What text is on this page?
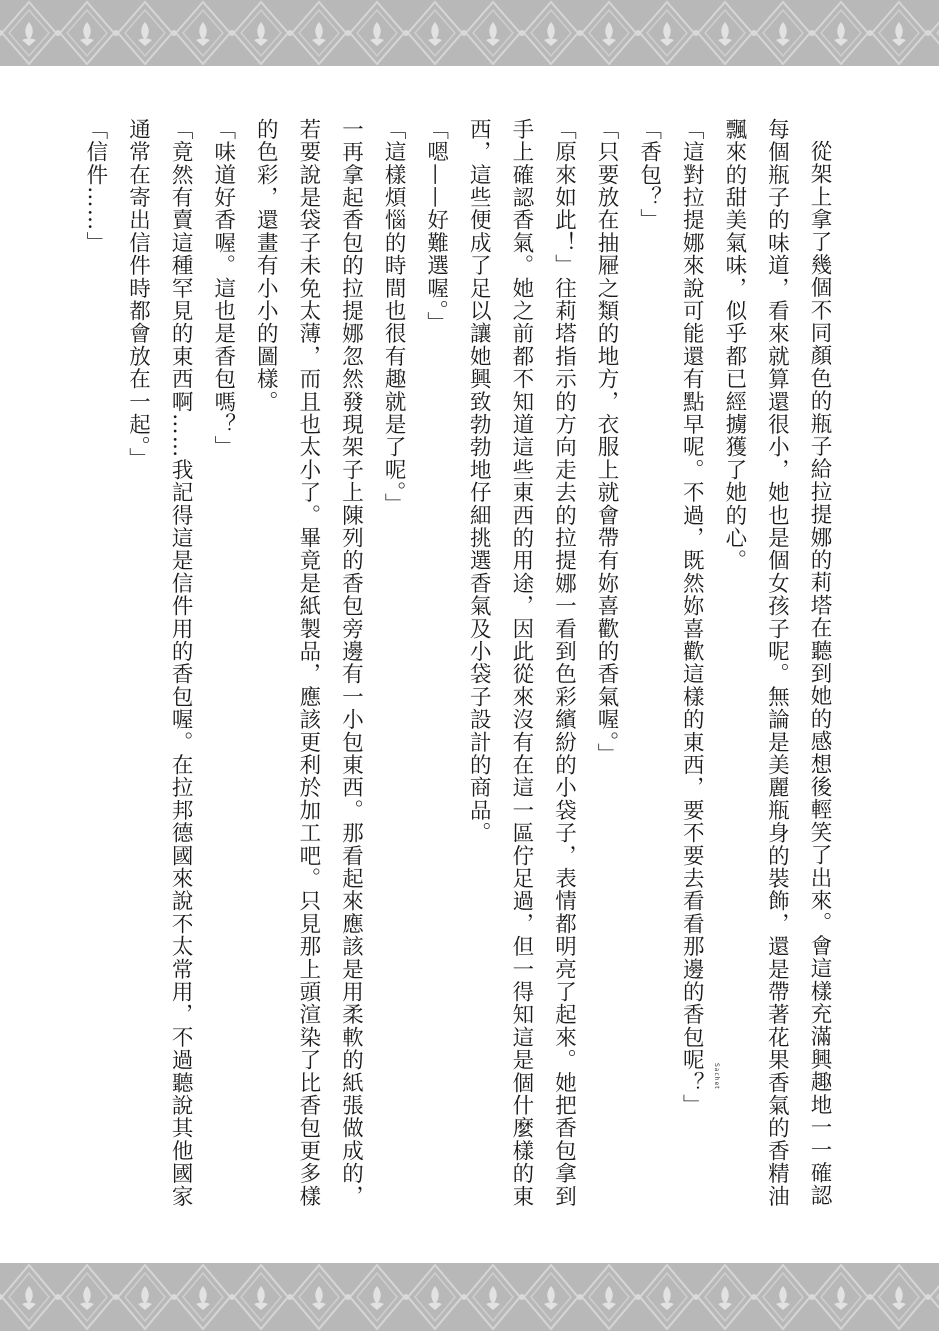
從架上拿了幾個不同顏色的瓶子給拉提娜的莉塔在聽到她的感想後輕笑了出來。會這樣充滿興趣地一一確認每個瓶子的味道，看來就算還很小，她也是個女孩子呢。無論是美麗瓶身的裝飾，還是帶著花果香氣的香精油飄來的甜美氣味，似乎都已經擄獲了她的心。

「這對拉提娜來說可能還有點早呢。不過，既然妳喜歡這樣的東西，要不要去看看那邊的香包呢？」

「香包？」

「只要放在抽屜之類的地方，衣服上就會帶有妳喜歡的香氣喔。」

「原來如此！」往莉塔指示的方向走去的拉提娜一看到色彩繽紛的小袋子，表情都明亮了起來。她把香包拿到手上確認香氣。她之前都不知道這些東西的用途，因此從來沒有在這一區佇足過，但一得知這是個什麼樣的東西，這些便成了足以讓她興致勃勃地仔細挑選香氣及小袋子設計的商品。

「嗯——好難選喔。」

「這樣煩惱的時間也很有趣就是了呢。」

一再拿起香包的拉提娜忽然發現架子上陳列的香包旁邊有一小包東西。那看起來應該是用柔軟的紙張做成的，若要說是袋子未免太薄，而且也太小了。畢竟是紙製品，應該更利於加工吧。只見那上頭渲染了比香包更多樣的色彩，還畫有小小的圖樣。

「味道好香喔。這也是香包嗎？」

「竟然有賣這種罕見的東西啊……我記得這是信件用的香包喔。在拉邦德國來說不太常用，不過聽說其他國家通常在寄出信件時都會放在一起。」

「信件……」

Sachet
